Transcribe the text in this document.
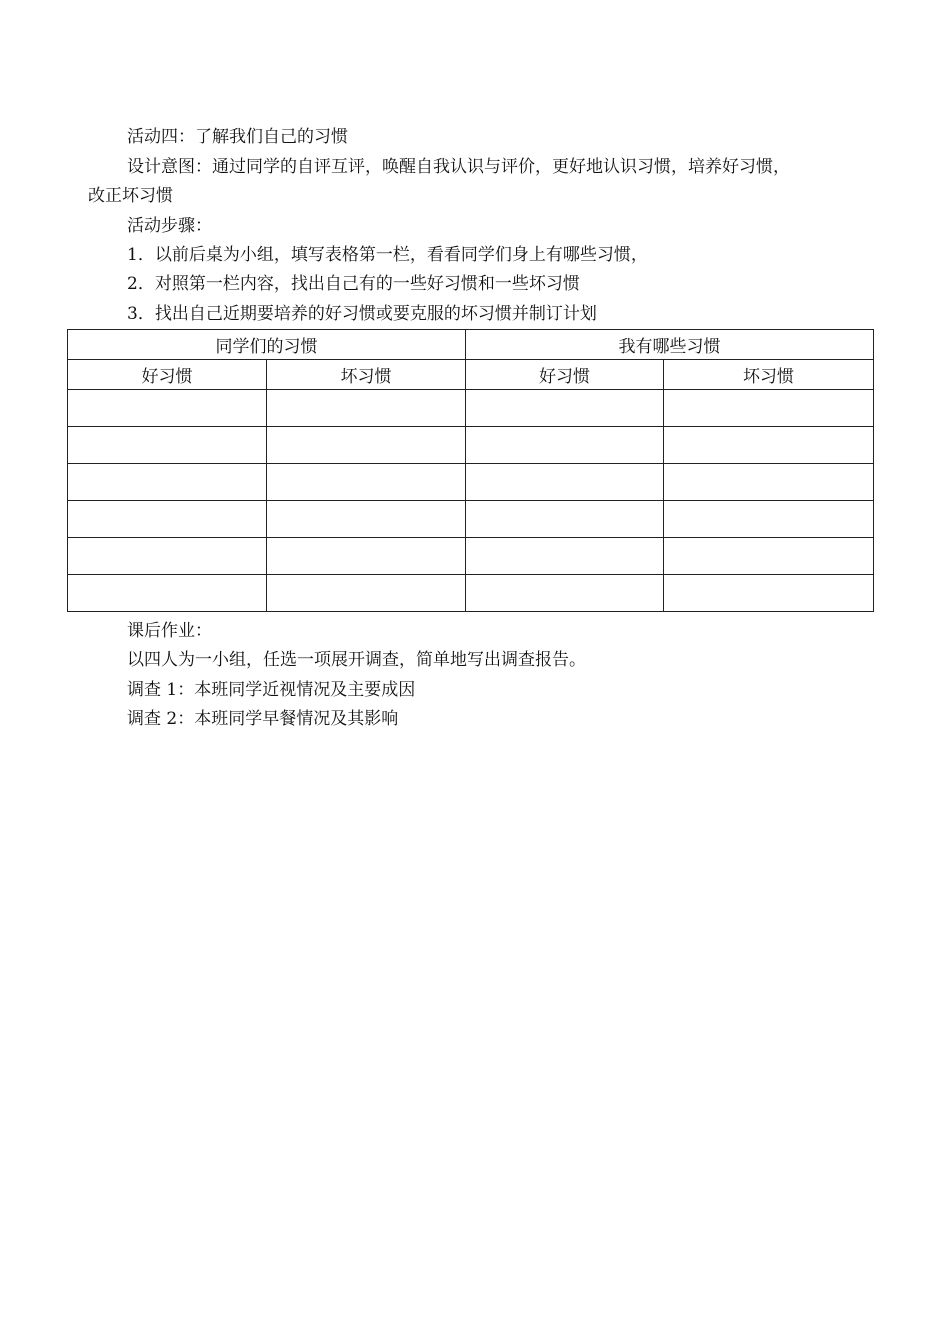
活动四：了解我们自己的习惯
设计意图：通过同学的自评互评，唤醒自我认识与评价，更好地认识习惯，培养好习惯，
改正坏习惯
活动步骤：
1．以前后桌为小组，填写表格第一栏，看看同学们身上有哪些习惯，
2．对照第一栏内容，找出自己有的一些好习惯和一些坏习惯
3．找出自己近期要培养的好习惯或要克服的坏习惯并制订计划
同学们的习惯		我有哪些习惯	
好习惯	坏习惯	好习惯	坏习惯

课后作业：
以四人为一小组，任选一项展开调查，简单地写出调查报告。
调查 1：本班同学近视情况及主要成因
调查 2：本班同学早餐情况及其影响
